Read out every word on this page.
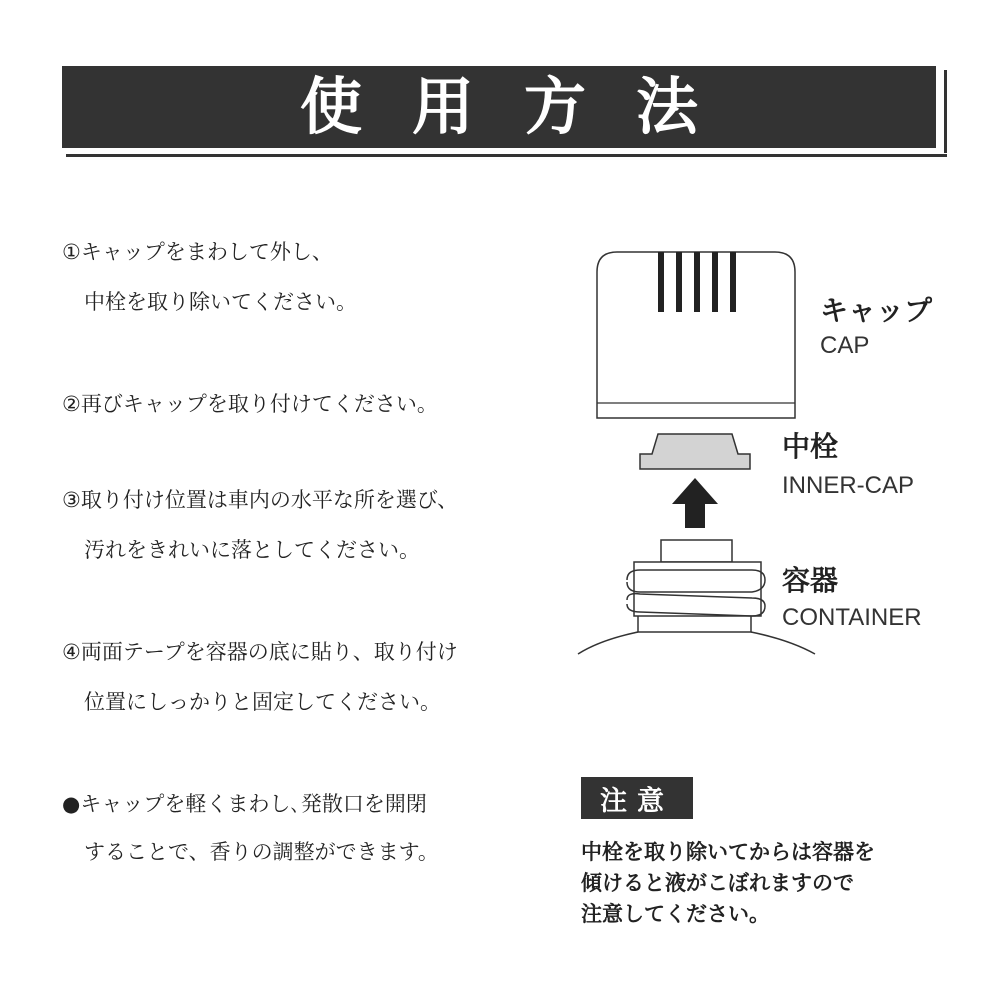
使用方法
①キャップをまわして外し、
中栓を取り除いてください。
②再びキャップを取り付けてください。
③取り付け位置は車内の水平な所を選び、
汚れをきれいに落としてください。
④両面テープを容器の底に貼り、取り付け
位置にしっかりと固定してください。
●キャップを軽くまわし､発散口を開閉
することで、香りの調整ができます。
キャップ
CAP
中栓
INNER-CAP
容器
CONTAINER
注意
中栓を取り除いてからは容器を
傾けると液がこぼれますので
注意してください。
